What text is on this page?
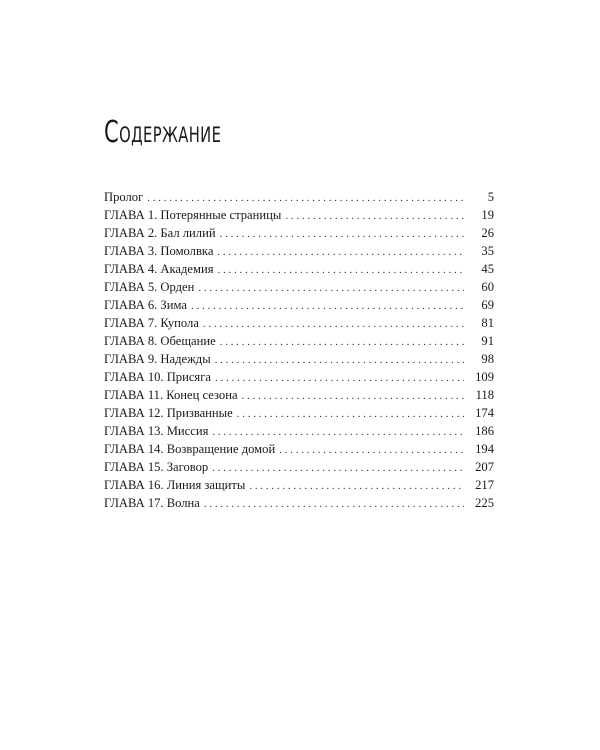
Содержание
Пролог . . .	5
ГЛАВА 1. Потерянные страницы . . .	19
ГЛАВА 2. Бал лилий . . .	26
ГЛАВА 3. Помолвка . . .	35
ГЛАВА 4. Академия . . .	45
ГЛАВА 5. Орден . . .	60
ГЛАВА 6. Зима . . .	69
ГЛАВА 7. Купола . . .	81
ГЛАВА 8. Обещание . . .	91
ГЛАВА 9. Надежды . . .	98
ГЛАВА 10. Присяга . . .	109
ГЛАВА 11. Конец сезона . . .	118
ГЛАВА 12. Призванные . . .	174
ГЛАВА 13. Миссия . . .	186
ГЛАВА 14. Возвращение домой . . .	194
ГЛАВА 15. Заговор . . .	207
ГЛАВА 16. Линия защиты . . .	217
ГЛАВА 17. Волна . . .	225
